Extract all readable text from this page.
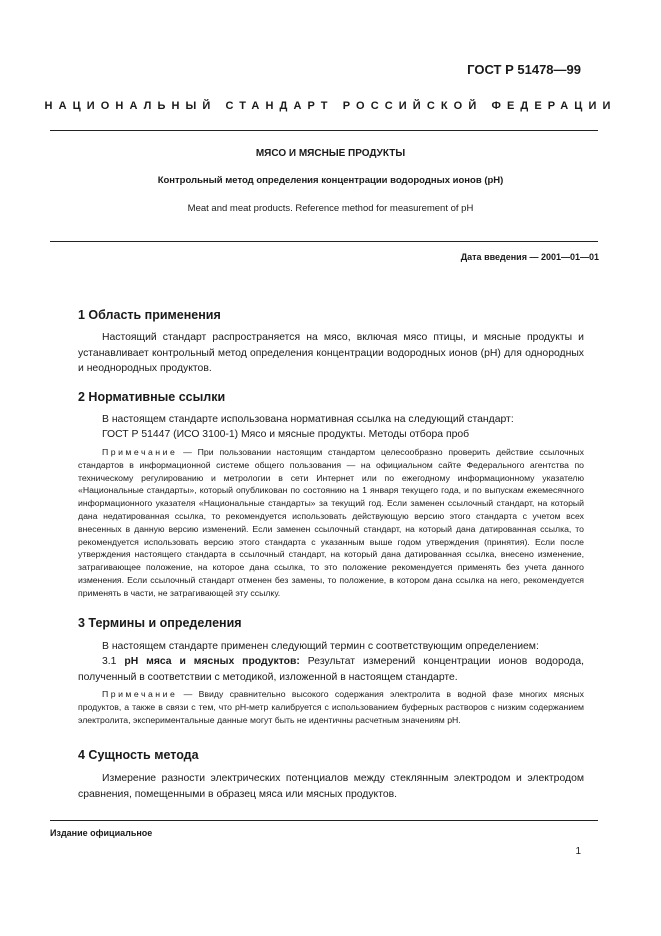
ГОСТ Р 51478—99
НАЦИОНАЛЬНЫЙ СТАНДАРТ РОССИЙСКОЙ ФЕДЕРАЦИИ
МЯСО И МЯСНЫЕ ПРОДУКТЫ
Контрольный метод определения концентрации водородных ионов (pH)
Meat and meat products. Reference method for measurement of pH
Дата введения — 2001—01—01
1 Область применения
Настоящий стандарт распространяется на мясо, включая мясо птицы, и мясные продукты и устанавливает контрольный метод определения концентрации водородных ионов (pH) для однородных и неоднородных продуктов.
2 Нормативные ссылки
В настоящем стандарте использована нормативная ссылка на следующий стандарт:
ГОСТ Р 51447 (ИСО 3100-1) Мясо и мясные продукты. Методы отбора проб
Примечание — При пользовании настоящим стандартом целесообразно проверить действие ссылочных стандартов в информационной системе общего пользования — на официальном сайте Федерального агентства по техническому регулированию и метрологии в сети Интернет или по ежегодному информационному указателю «Национальные стандарты», который опубликован по состоянию на 1 января текущего года, и по выпускам ежемесячного информационного указателя «Национальные стандарты» за текущий год. Если заменен ссылочный стандарт, на который дана недатированная ссылка, то рекомендуется использовать действующую версию этого стандарта с учетом всех внесенных в данную версию изменений. Если заменен ссылочный стандарт, на который дана датированная ссылка, то рекомендуется использовать версию этого стандарта с указанным выше годом утверждения (принятия). Если после утверждения настоящего стандарта в ссылочный стандарт, на который дана датированная ссылка, внесено изменение, затрагивающее положение, на которое дана ссылка, то это положение рекомендуется применять без учета данного изменения. Если ссылочный стандарт отменен без замены, то положение, в котором дана ссылка на него, рекомендуется применять в части, не затрагивающей эту ссылку.
3 Термины и определения
В настоящем стандарте применен следующий термин с соответствующим определением:
3.1 pH мяса и мясных продуктов: Результат измерений концентрации ионов водорода, полученный в соответствии с методикой, изложенной в настоящем стандарте.
Примечание — Ввиду сравнительно высокого содержания электролита в водной фазе многих мясных продуктов, а также в связи с тем, что pH-метр калибруется с использованием буферных растворов с низким содержанием электролита, экспериментальные данные могут быть не идентичны расчетным значениям pH.
4 Сущность метода
Измерение разности электрических потенциалов между стеклянным электродом и электродом сравнения, помещенными в образец мяса или мясных продуктов.
Издание официальное
1
